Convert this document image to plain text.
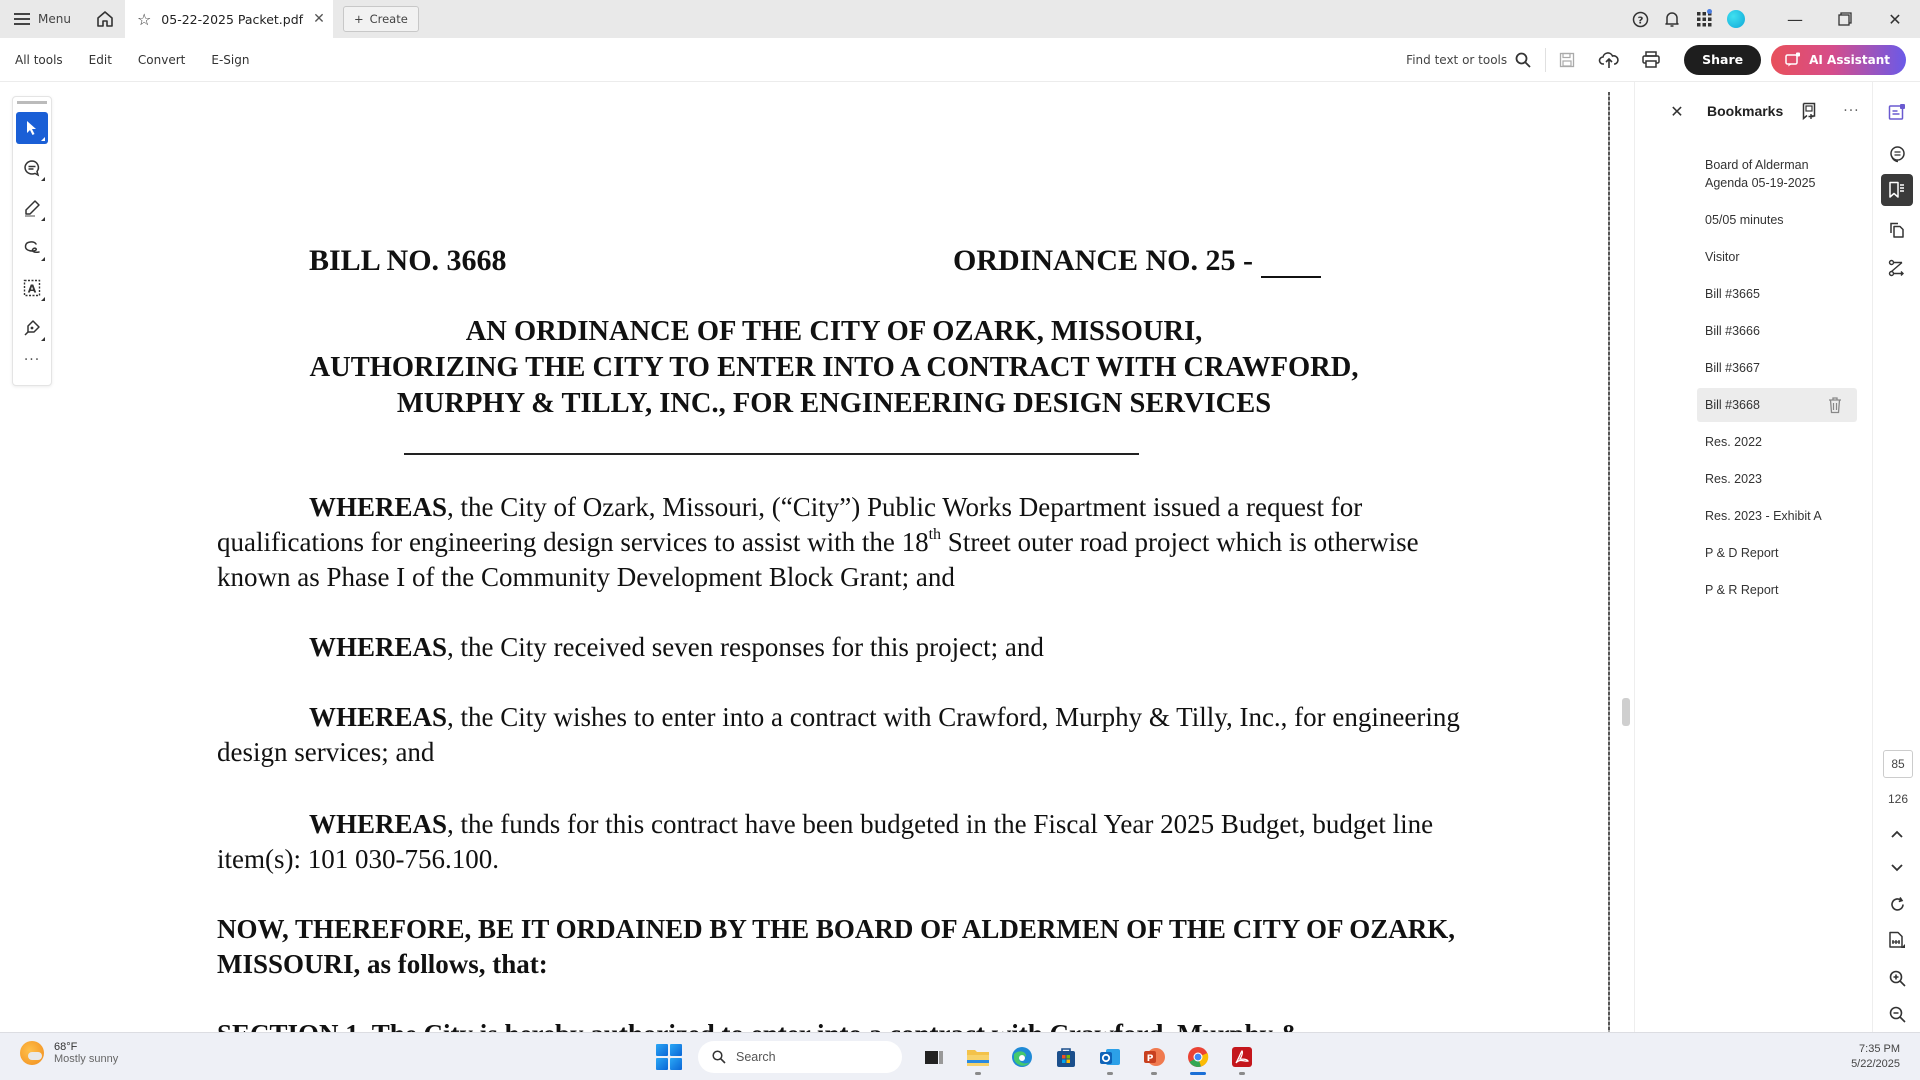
Menu	☆ 05-22-2025 Packet.pdf ✕	+ Create	?	—	✕
All tools	Edit	Convert	E-Sign	Find text or tools	Share	AI Assistant
BILL NO. 3668	ORDINANCE NO. 25 -
AN ORDINANCE OF THE CITY OF OZARK, MISSOURI,
AUTHORIZING THE CITY TO ENTER INTO A CONTRACT WITH CRAWFORD,
MURPHY & TILLY, INC., FOR ENGINEERING DESIGN SERVICES
WHEREAS, the City of Ozark, Missouri, (“City”) Public Works Department issued a request for qualifications for engineering design services to assist with the 18th Street outer road project which is otherwise known as Phase I of the Community Development Block Grant; and
WHEREAS, the City received seven responses for this project; and
WHEREAS, the City wishes to enter into a contract with Crawford, Murphy & Tilly, Inc., for engineering design services; and
WHEREAS, the funds for this contract have been budgeted in the Fiscal Year 2025 Budget, budget line item(s): 101 030-756.100.
NOW, THEREFORE, BE IT ORDAINED BY THE BOARD OF ALDERMEN OF THE CITY OF OZARK, MISSOURI, as follows, that:
A
···
✕ Bookmarks	···
Board of Alderman Agenda 05-19-2025
05/05 minutes
Visitor
Bill #3665
Bill #3666
Bill #3667
Bill #3668
Res. 2022
Res. 2023
Res. 2023 - Exhibit A
P & D Report
P & R Report
85
126
68°F
Mostly sunny	Search	P
7:35 PM
5/22/2025
